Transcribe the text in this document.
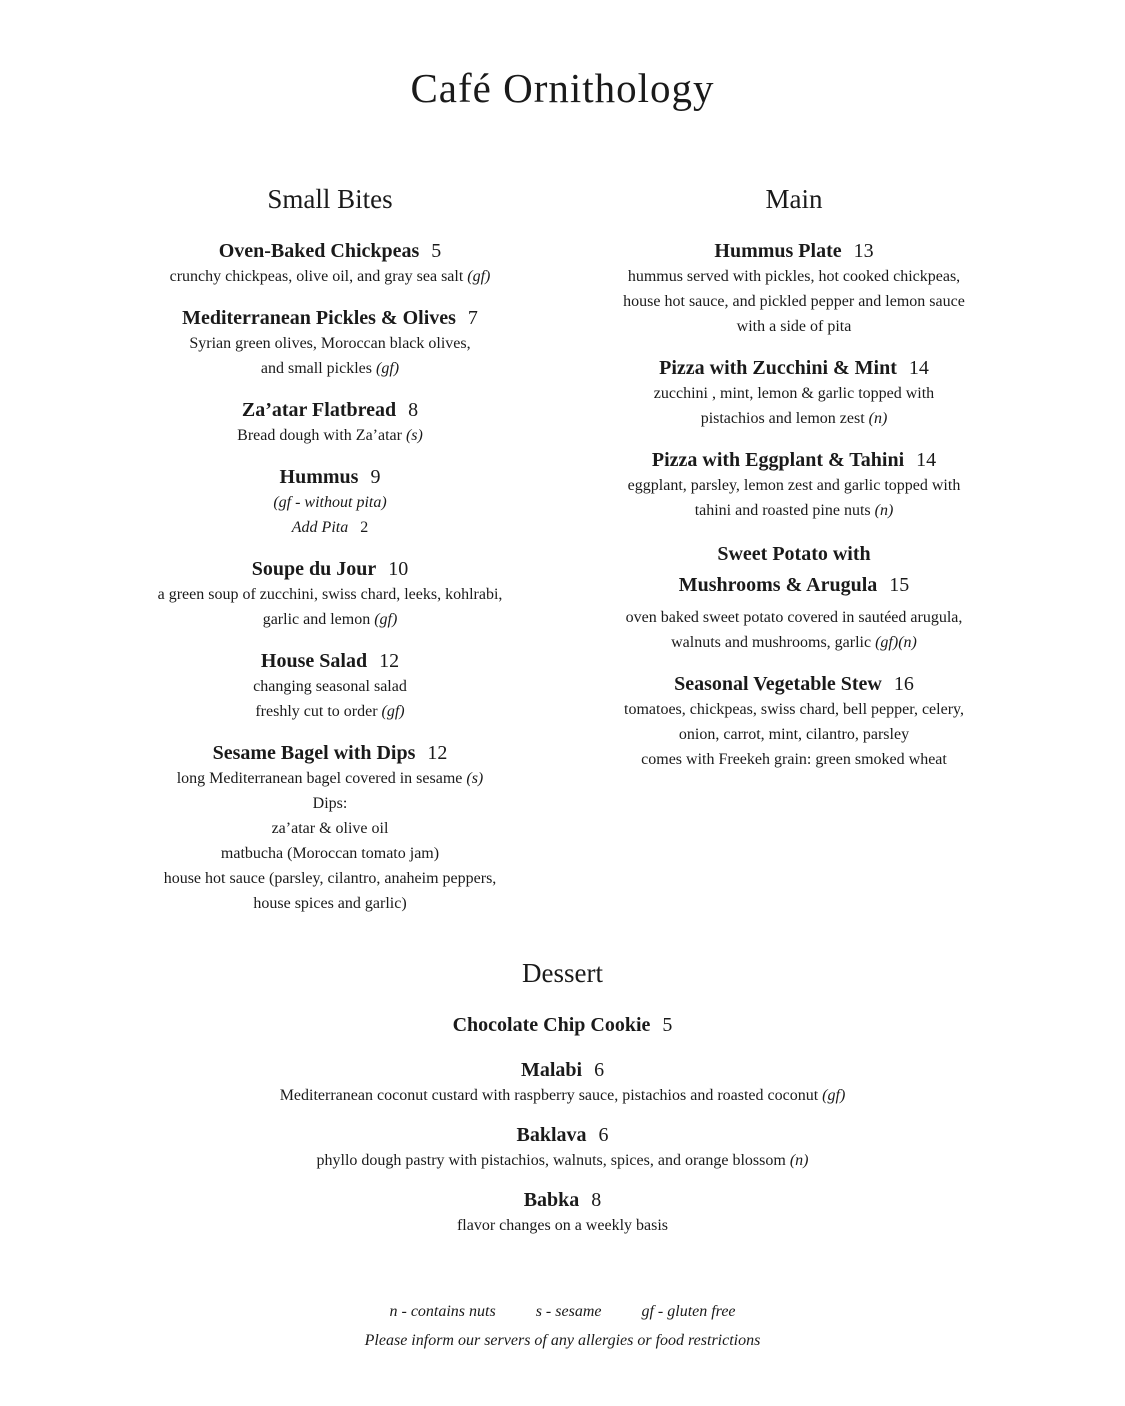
Café Ornithology
Small Bites
Oven-Baked Chickpeas 5
crunchy chickpeas, olive oil, and gray sea salt (gf)
Mediterranean Pickles & Olives 7
Syrian green olives, Moroccan black olives,
and small pickles (gf)
Za’atar Flatbread 8
Bread dough with Za’atar (s)
Hummus 9
(gf - without pita)
Add Pita 2
Soupe du Jour 10
a green soup of zucchini, swiss chard, leeks, kohlrabi,
garlic and lemon (gf)
House Salad 12
changing seasonal salad
freshly cut to order (gf)
Sesame Bagel with Dips 12
long Mediterranean bagel covered in sesame (s)
Dips:
za’atar & olive oil
matbucha (Moroccan tomato jam)
house hot sauce (parsley, cilantro, anaheim peppers,
house spices and garlic)
Main
Hummus Plate 13
hummus served with pickles, hot cooked chickpeas,
house hot sauce, and pickled pepper and lemon sauce
with a side of pita
Pizza with Zucchini & Mint 14
zucchini , mint, lemon & garlic topped with
pistachios and lemon zest (n)
Pizza with Eggplant & Tahini 14
eggplant, parsley, lemon zest and garlic topped with
tahini and roasted pine nuts (n)
Sweet Potato with
Mushrooms & Arugula 15
oven baked sweet potato covered in sautéed arugula,
walnuts and mushrooms, garlic (gf)(n)
Seasonal Vegetable Stew 16
tomatoes, chickpeas, swiss chard, bell pepper, celery,
onion, carrot, mint, cilantro, parsley
comes with Freekeh grain: green smoked wheat
Dessert
Chocolate Chip Cookie 5
Malabi 6
Mediterranean coconut custard with raspberry sauce, pistachios and roasted coconut (gf)
Baklava 6
phyllo dough pastry with pistachios, walnuts, spices, and orange blossom (n)
Babka 8
flavor changes on a weekly basis
n - contains nuts	s - sesame	gf - gluten free
Please inform our servers of any allergies or food restrictions
